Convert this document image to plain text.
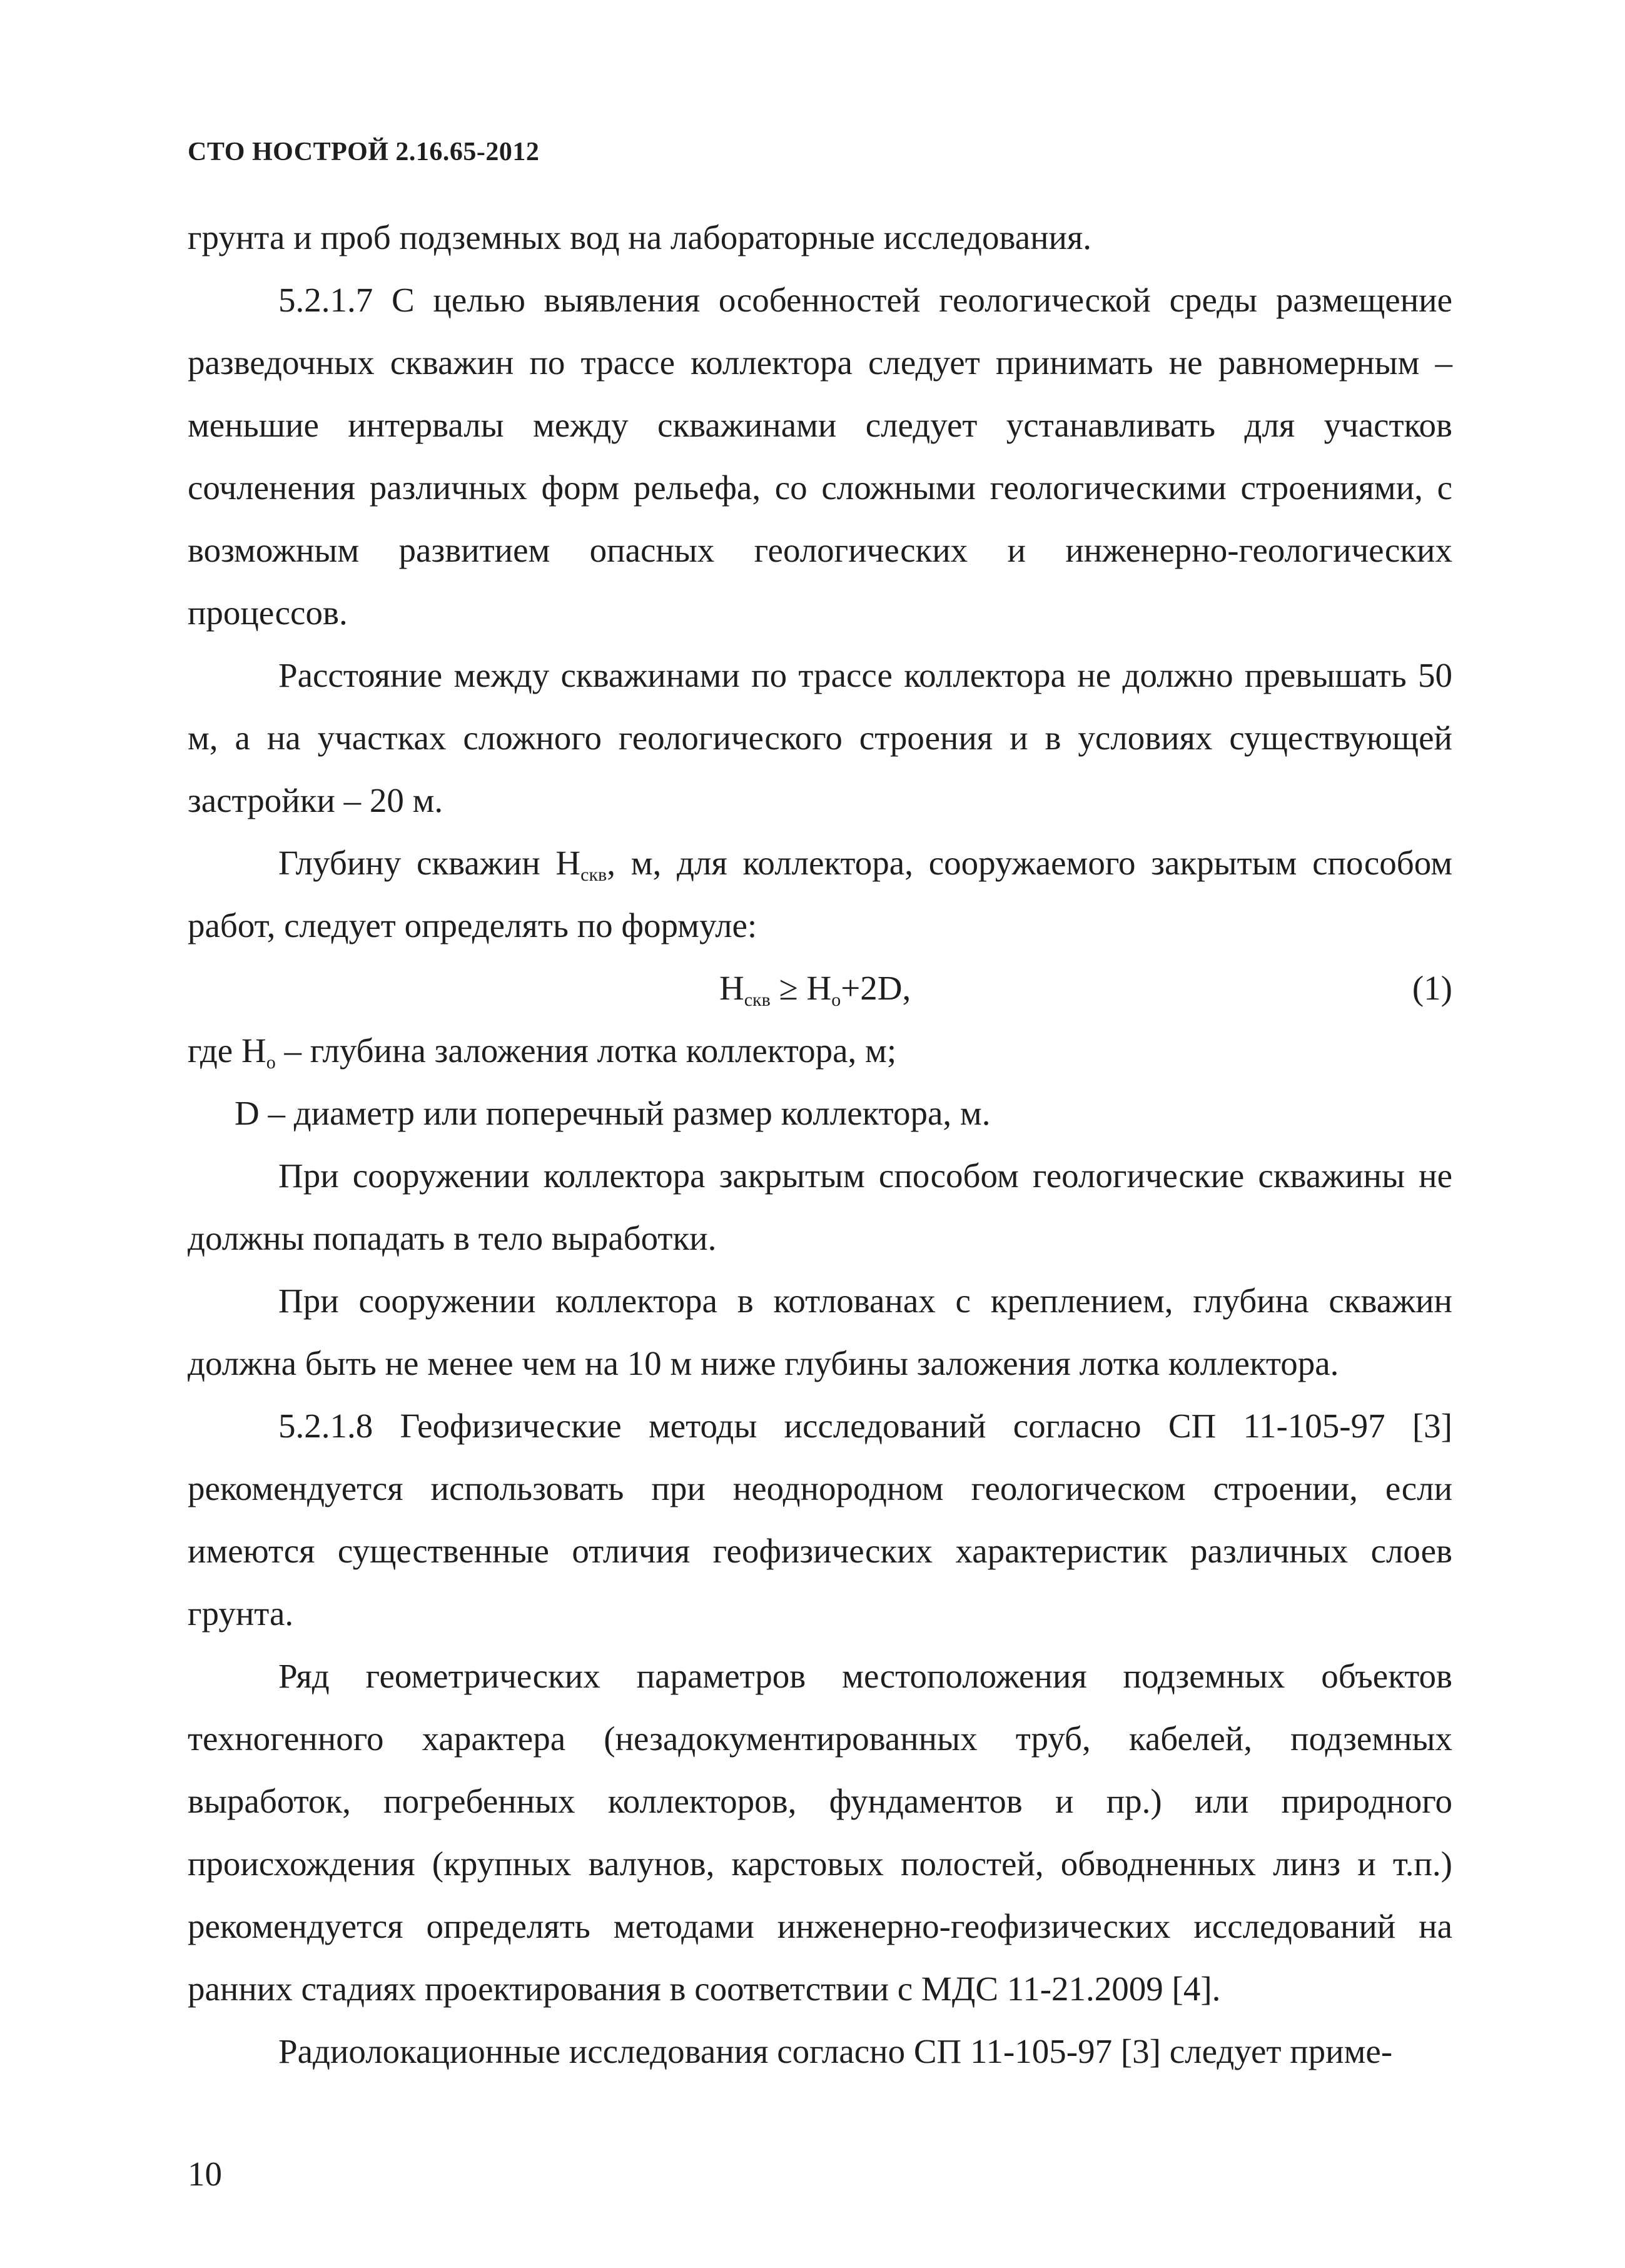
СТО НОСТРОЙ 2.16.65-2012

грунта и проб подземных вод на лабораторные исследования.

5.2.1.7 С целью выявления особенностей геологической среды размещение разведочных скважин по трассе коллектора следует принимать не равномерным – меньшие интервалы между скважинами следует устанавливать для участков сочленения различных форм рельефа, со сложными геологическими строениями, с возможным развитием опасных геологических и инженерно-геологических процессов.

Расстояние между скважинами по трассе коллектора не должно превышать 50 м, а на участках сложного геологического строения и в условиях существующей застройки – 20 м.

Глубину скважин $H_{скв}$, м, для коллектора, сооружаемого закрытым способом работ, следует определять по формуле:

$H_{скв} \ge H_о+2D$,	(1)

где $H_о$ – глубина заложения лотка коллектора, м;

D – диаметр или поперечный размер коллектора, м.

При сооружении коллектора закрытым способом геологические скважины не должны попадать в тело выработки.

При сооружении коллектора в котлованах с креплением, глубина скважин должна быть не менее чем на 10 м ниже глубины заложения лотка коллектора.

5.2.1.8 Геофизические методы исследований согласно СП 11-105-97 [3] рекомендуется использовать при неоднородном геологическом строении, если имеются существенные отличия геофизических характеристик различных слоев грунта.

Ряд геометрических параметров местоположения подземных объектов техногенного характера (незадокументированных труб, кабелей, подземных выработок, погребенных коллекторов, фундаментов и пр.) или природного происхождения (крупных валунов, карстовых полостей, обводненных линз и т.п.) рекомендуется определять методами инженерно-геофизических исследований на ранних стадиях проектирования в соответствии с МДС 11-21.2009 [4].

Радиолокационные исследования согласно СП 11-105-97 [3] следует приме-

10
